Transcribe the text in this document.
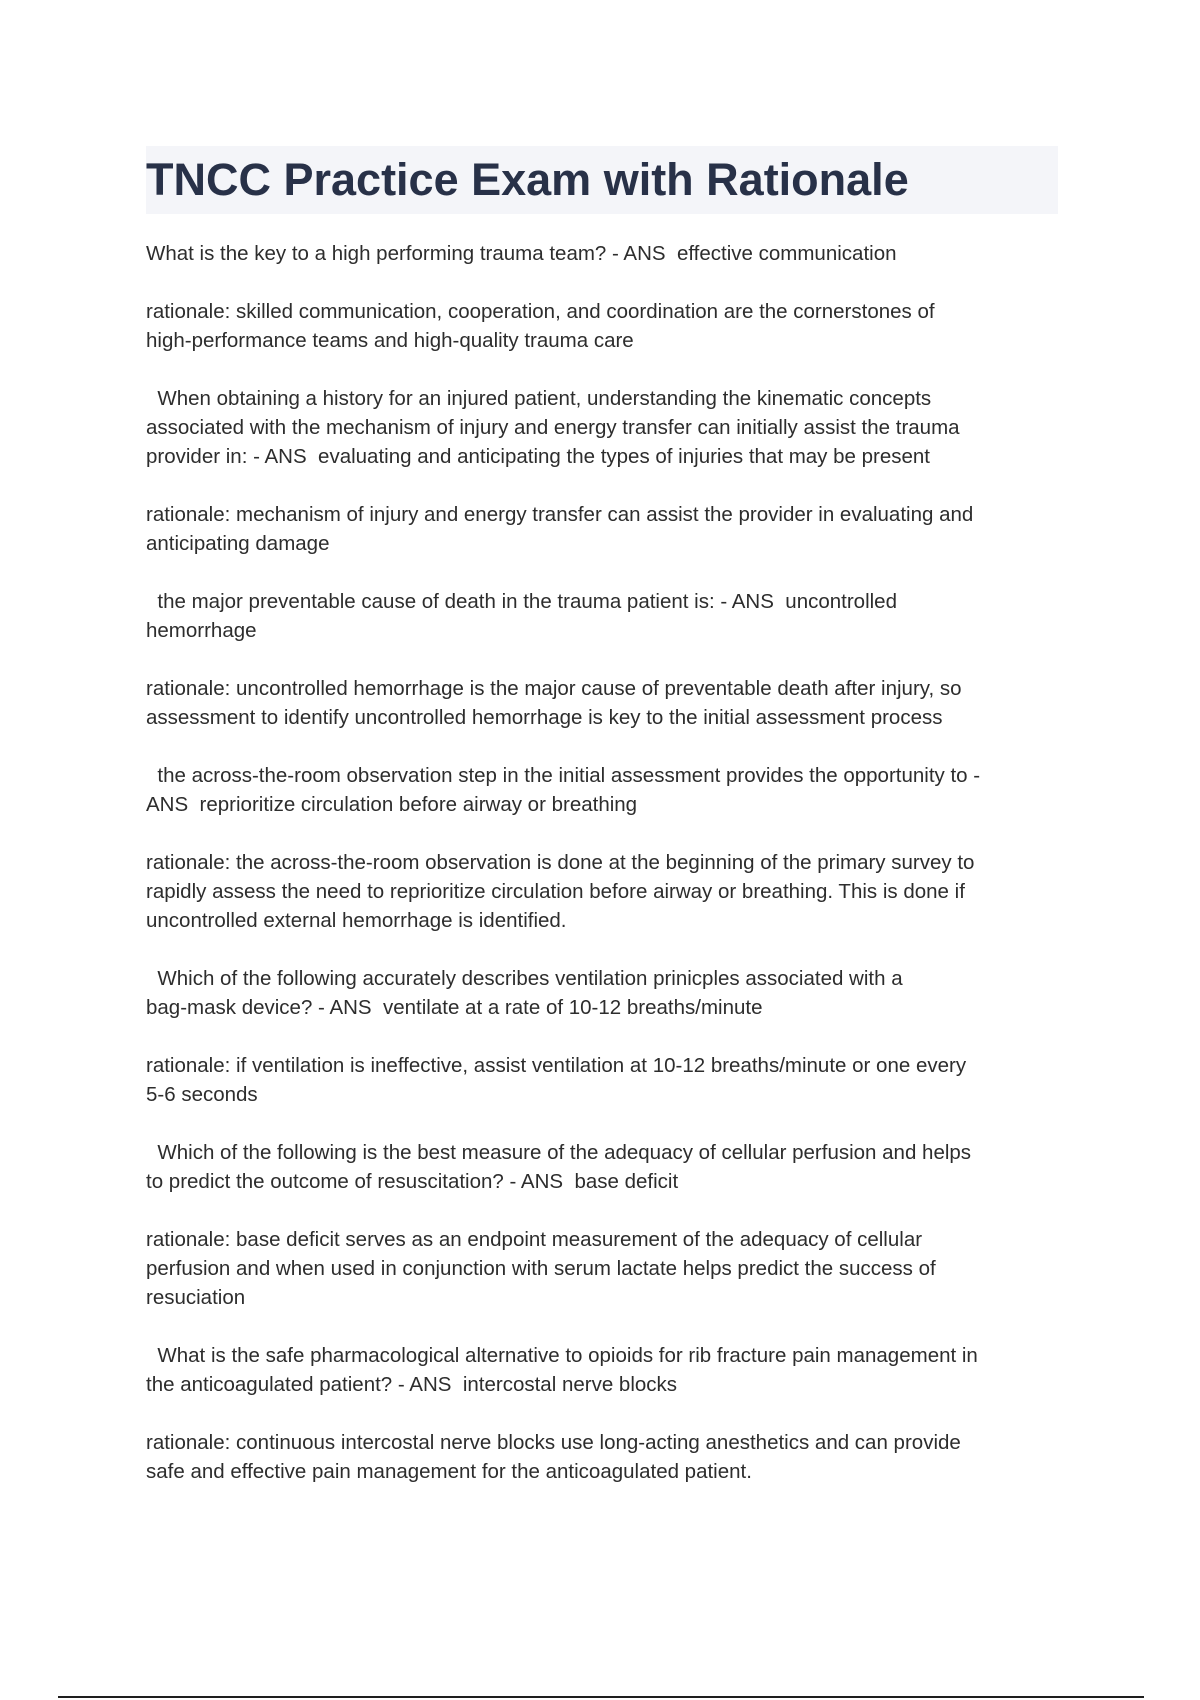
TNCC Practice Exam with Rationale

What is the key to a high performing trauma team? - ANS  effective communication

rationale: skilled communication, cooperation, and coordination are the cornerstones of
high-performance teams and high-quality trauma care

When obtaining a history for an injured patient, understanding the kinematic concepts
associated with the mechanism of injury and energy transfer can initially assist the trauma
provider in: - ANS  evaluating and anticipating the types of injuries that may be present

rationale: mechanism of injury and energy transfer can assist the provider in evaluating and
anticipating damage

the major preventable cause of death in the trauma patient is: - ANS  uncontrolled
hemorrhage

rationale: uncontrolled hemorrhage is the major cause of preventable death after injury, so
assessment to identify uncontrolled hemorrhage is key to the initial assessment process

the across-the-room observation step in the initial assessment provides the opportunity to -
ANS  reprioritize circulation before airway or breathing

rationale: the across-the-room observation is done at the beginning of the primary survey to
rapidly assess the need to reprioritize circulation before airway or breathing. This is done if
uncontrolled external hemorrhage is identified.

Which of the following accurately describes ventilation prinicples associated with a
bag-mask device? - ANS  ventilate at a rate of 10-12 breaths/minute

rationale: if ventilation is ineffective, assist ventilation at 10-12 breaths/minute or one every
5-6 seconds

Which of the following is the best measure of the adequacy of cellular perfusion and helps
to predict the outcome of resuscitation? - ANS  base deficit

rationale: base deficit serves as an endpoint measurement of the adequacy of cellular
perfusion and when used in conjunction with serum lactate helps predict the success of
resuciation

What is the safe pharmacological alternative to opioids for rib fracture pain management in
the anticoagulated patient? - ANS  intercostal nerve blocks

rationale: continuous intercostal nerve blocks use long-acting anesthetics and can provide
safe and effective pain management for the anticoagulated patient.
